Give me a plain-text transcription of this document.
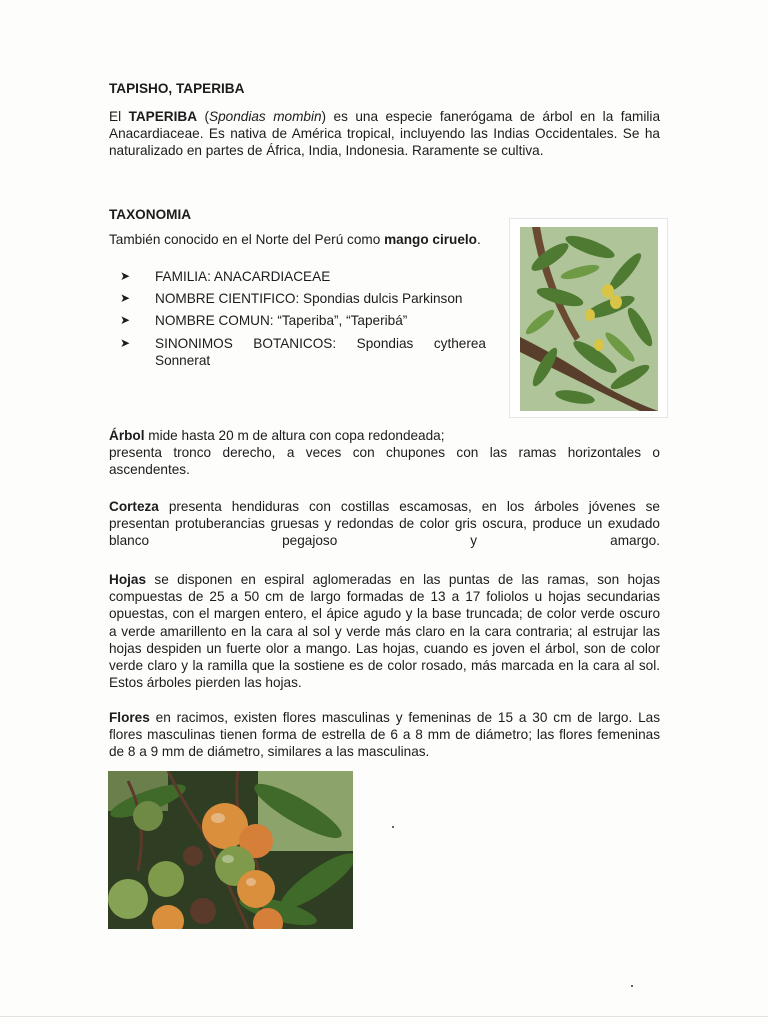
TAPISHO, TAPERIBA
El TAPERIBA (Spondias mombin) es una especie fanerógama de árbol en la familia Anacardiaceae. Es nativa de América tropical, incluyendo las Indias Occidentales. Se ha naturalizado en partes de África, India, Indonesia. Raramente se cultiva.
TAXONOMIA
También conocido en el Norte del Perú como mango ciruelo.
➤ FAMILIA: ANACARDIACEAE
➤ NOMBRE CIENTIFICO: Spondias dulcis Parkinson
➤ NOMBRE COMUN: “Taperiba”, “Taperibá”
➤ SINONIMOS BOTANICOS: Spondias cytherea Sonnerat
Árbol mide hasta 20 m de altura con copa redondeada;
presenta tronco derecho, a veces con chupones con las ramas horizontales o ascendentes.
Corteza presenta hendiduras con costillas escamosas, en los árboles jóvenes se presentan protuberancias gruesas y redondas de color gris oscura, produce un exudado blanco pegajoso y amargo.
Hojas se disponen en espiral aglomeradas en las puntas de las ramas, son hojas compuestas de 25 a 50 cm de largo formadas de 13 a 17 foliolos u hojas secundarias opuestas, con el margen entero, el ápice agudo y la base truncada; de color verde oscuro a verde amarillento en la cara al sol y verde más claro en la cara contraria; al estrujar las hojas despiden un fuerte olor a mango. Las hojas, cuando es joven el árbol, son de color verde claro y la ramilla que la sostiene es de color rosado, más marcada en la cara al sol. Estos árboles pierden las hojas.
Flores en racimos, existen flores masculinas y femeninas de 15 a 30 cm de largo. Las flores masculinas tienen forma de estrella de 6 a 8 mm de diámetro; las flores femeninas de 8 a 9 mm de diámetro, similares a las masculinas.
